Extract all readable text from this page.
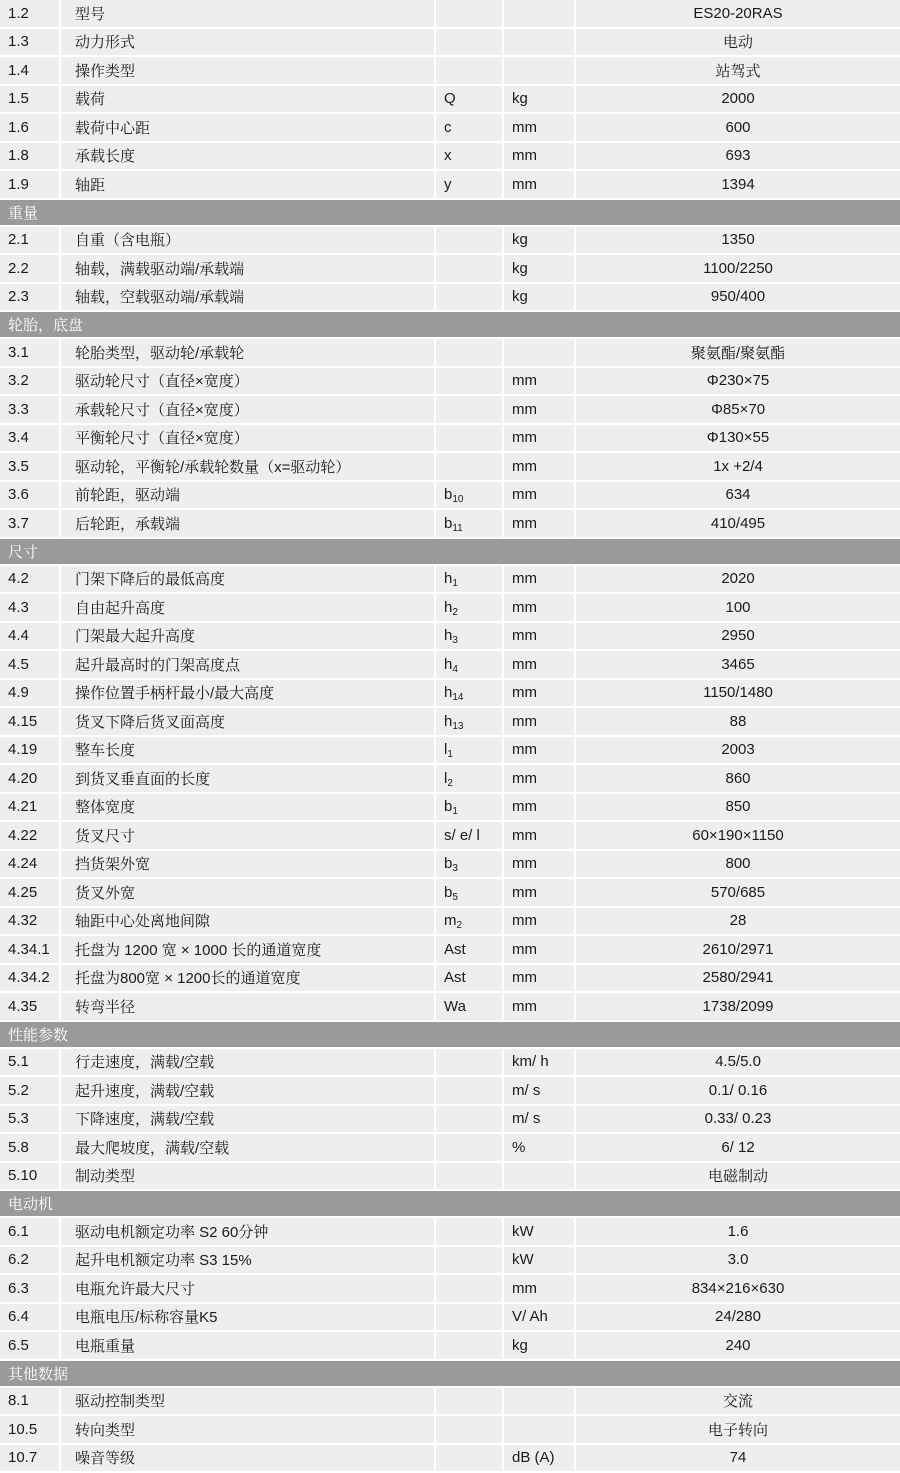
1.2	型号			ES20-20RAS
1.3	动力形式			电动
1.4	操作类型			站驾式
1.5	载荷	Q	kg	2000
1.6	载荷中心距	c	mm	600
1.8	承载长度	x	mm	693
1.9	轴距	y	mm	1394
重量				
2.1	自重（含电瓶）		kg	1350
2.2	轴载，满载驱动端/承载端		kg	1100/2250
2.3	轴载，空载驱动端/承载端		kg	950/400
轮胎，底盘				
3.1	轮胎类型，驱动轮/承载轮			聚氨酯/聚氨酯
3.2	驱动轮尺寸（直径×宽度）		mm	Φ230×75
3.3	承载轮尺寸（直径×宽度）		mm	Φ85×70
3.4	平衡轮尺寸（直径×宽度）		mm	Φ130×55
3.5	驱动轮，平衡轮/承载轮数量（x=驱动轮）		mm	1x +2/4
3.6	前轮距，驱动端	$b_{10}$	mm	634
3.7	后轮距，承载端	$b_{11}$	mm	410/495
尺寸				
4.2	门架下降后的最低高度	$h_1$	mm	2020
4.3	自由起升高度	$h_2$	mm	100
4.4	门架最大起升高度	$h_3$	mm	2950
4.5	起升最高时的门架高度点	$h_4$	mm	3465
4.9	操作位置手柄杆最小/最大高度	$h_{14}$	mm	1150/1480
4.15	货叉下降后货叉面高度	$h_{13}$	mm	88
4.19	整车长度	$l_1$	mm	2003
4.20	到货叉垂直面的长度	$l_2$	mm	860
4.21	整体宽度	$b_1$	mm	850
4.22	货叉尺寸	s/ e/ l	mm	60×190×1150
4.24	挡货架外宽	$b_3$	mm	800
4.25	货叉外宽	$b_5$	mm	570/685
4.32	轴距中心处离地间隙	$m_2$	mm	28
4.34.1	托盘为 1200 宽 × 1000 长的通道宽度	Ast	mm	2610/2971
4.34.2	托盘为800宽 × 1200长的通道宽度	Ast	mm	2580/2941
4.35	转弯半径	Wa	mm	1738/2099
性能参数				
5.1	行走速度，满载/空载		km/ h	4.5/5.0
5.2	起升速度，满载/空载		m/ s	0.1/ 0.16
5.3	下降速度，满载/空载		m/ s	0.33/ 0.23
5.8	最大爬坡度，满载/空载		%	6/ 12
5.10	制动类型			电磁制动
电动机				
6.1	驱动电机额定功率 S2 60分钟		kW	1.6
6.2	起升电机额定功率 S3 15%		kW	3.0
6.3	电瓶允许最大尺寸		mm	834×216×630
6.4	电瓶电压/标称容量K5		V/ Ah	24/280
6.5	电瓶重量		kg	240
其他数据				
8.1	驱动控制类型			交流
10.5	转向类型			电子转向
10.7	噪音等级		dB (A)	74
